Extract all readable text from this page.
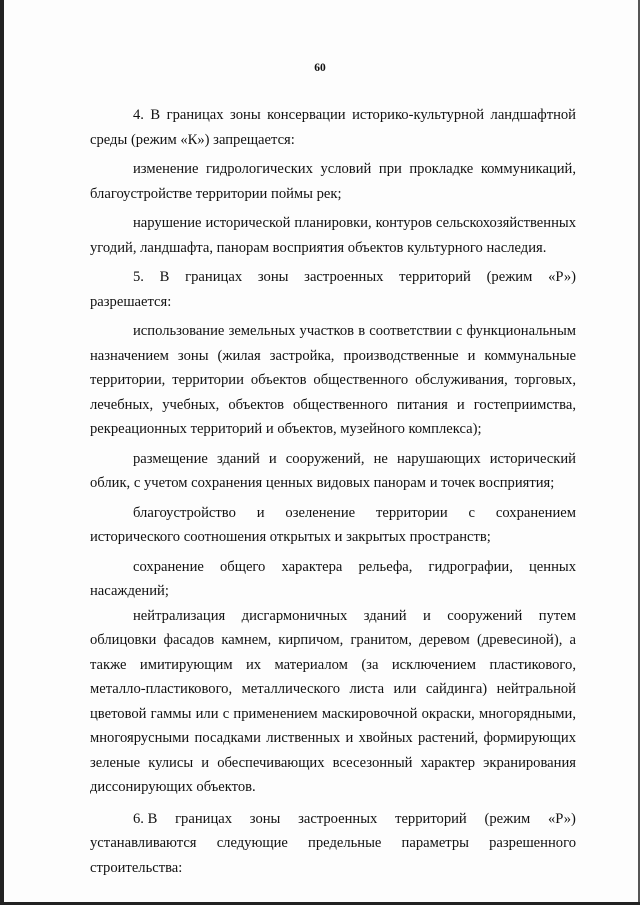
60

4. В границах зоны консервации историко-культурной ландшафтной среды (режим «К») запрещается:

изменение гидрологических условий при прокладке коммуникаций, благоустройстве территории поймы рек;

нарушение исторической планировки, контуров сельскохозяйственных угодий, ландшафта, панорам восприятия объектов культурного наследия.

5. В границах зоны застроенных территорий (режим «Р») разрешается:

использование земельных участков в соответствии с функциональным назначением зоны (жилая застройка, производственные и коммунальные территории, территории объектов общественного обслуживания, торговых, лечебных, учебных, объектов общественного питания и гостеприимства, рекреационных территорий и объектов, музейного комплекса);

размещение зданий и сооружений, не нарушающих исторический облик, с учетом сохранения ценных видовых панорам и точек восприятия;

благоустройство и озеленение территории с сохранением исторического соотношения открытых и закрытых пространств;

сохранение общего характера рельефа, гидрографии, ценных насаждений;

нейтрализация дисгармоничных зданий и сооружений путем облицовки фасадов камнем, кирпичом, гранитом, деревом (древесиной), а также имитирующим их материалом (за исключением пластикового, металло-пластикового, металлического листа или сайдинга) нейтральной цветовой гаммы или с применением маскировочной окраски, многорядными, многоярусными посадками лиственных и хвойных растений, формирующих зеленые кулисы и обеспечивающих всесезонный характер экранирования диссонирующих объектов.

6. В границах зоны застроенных территорий (режим «Р»)
устанавливаются следующие предельные параметры разрешенного

строительства:
